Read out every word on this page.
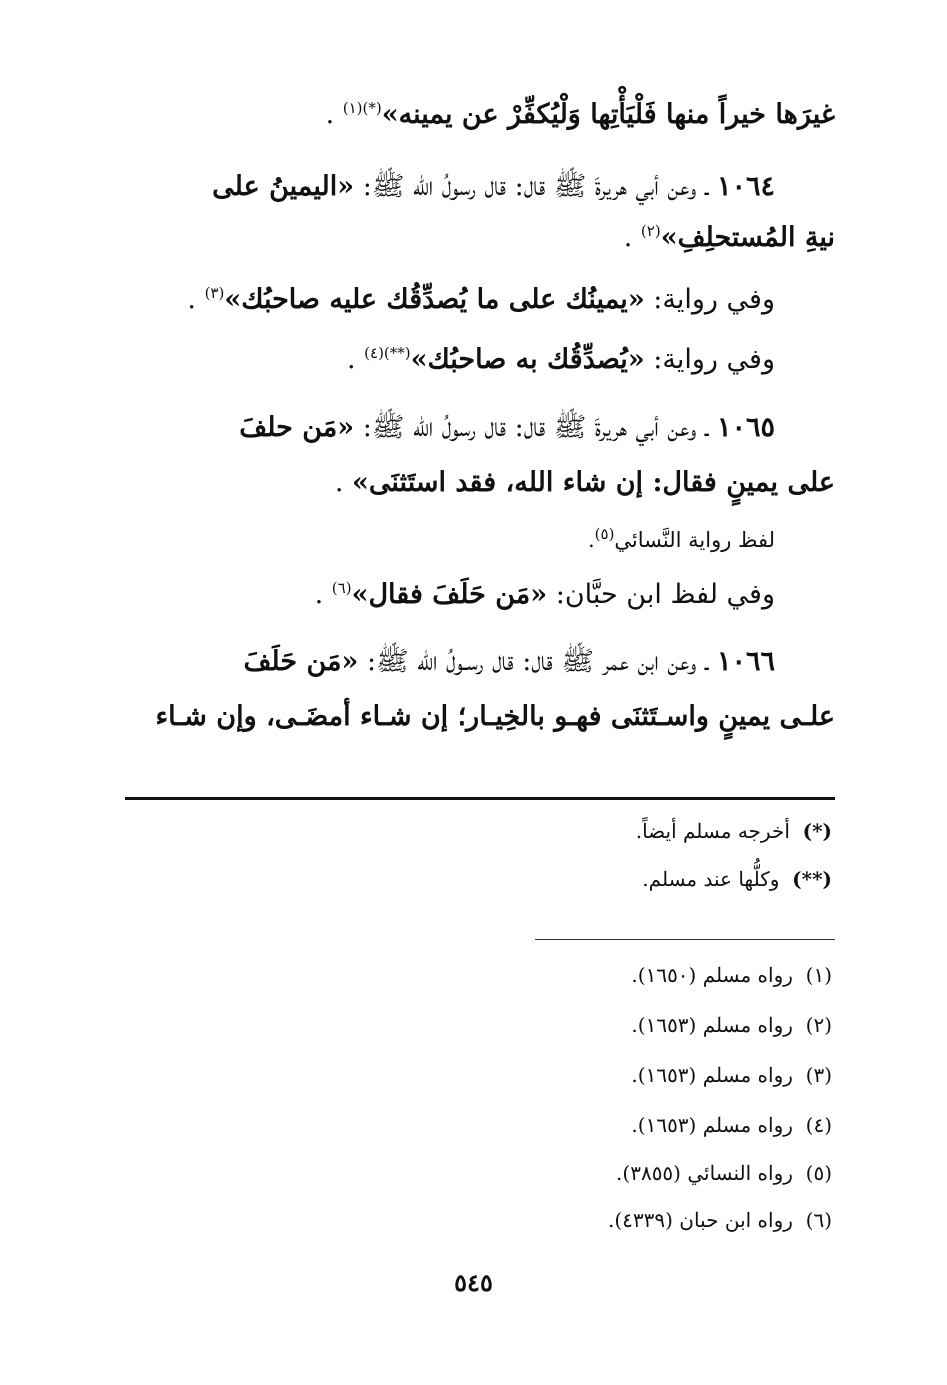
غيرَها خيراً منها فَلْيَأْتِها وَلْيُكفِّرْ عن يمينه»$^{(*)(١)}$ .
١٠٦٤ ـ وعن أبي هريرةَ ﷺ قال: قال رسولُ الله ﷺ: «اليمينُ على
نيةِ المُستحلِفِ»$^{(٢)}$ .
وفي رواية: «يمينُك على ما يُصدِّقُك عليه صاحبُك»$^{(٣)}$ .
وفي رواية: «يُصدِّقُك به صاحبُك»$^{(**)(٤)}$ .
١٠٦٥ ـ وعن أبي هريرةَ ﷺ قال: قال رسولُ الله ﷺ: «مَن حلفَ
على يمينٍ فقال: إن شاء الله، فقد استَثنَى» .
لفظ رواية النَّسائي$^{(٥)}$.
وفي لفظ ابن حبَّان: «مَن حَلَفَ فقال»$^{(٦)}$ .
١٠٦٦ ـ وعن ابن عمر ﷺ قال: قال رسـولُ الله ﷺ: «مَن حَلَفَ
علـى يمينٍ واسـتَثنَى فهـو بالخِيـار؛ إن شـاء أمضَـى، وإن شـاء
(*)  أخرجه مسلم أيضاً.
(**)  وكلُّها عند مسلم.
(١)  رواه مسلم (١٦٥٠).
(٢)  رواه مسلم (١٦٥٣).
(٣)  رواه مسلم (١٦٥٣).
(٤)  رواه مسلم (١٦٥٣).
(٥)  رواه النسائي (٣٨٥٥).
(٦)  رواه ابن حبان (٤٣٣٩).
٥٤٥
